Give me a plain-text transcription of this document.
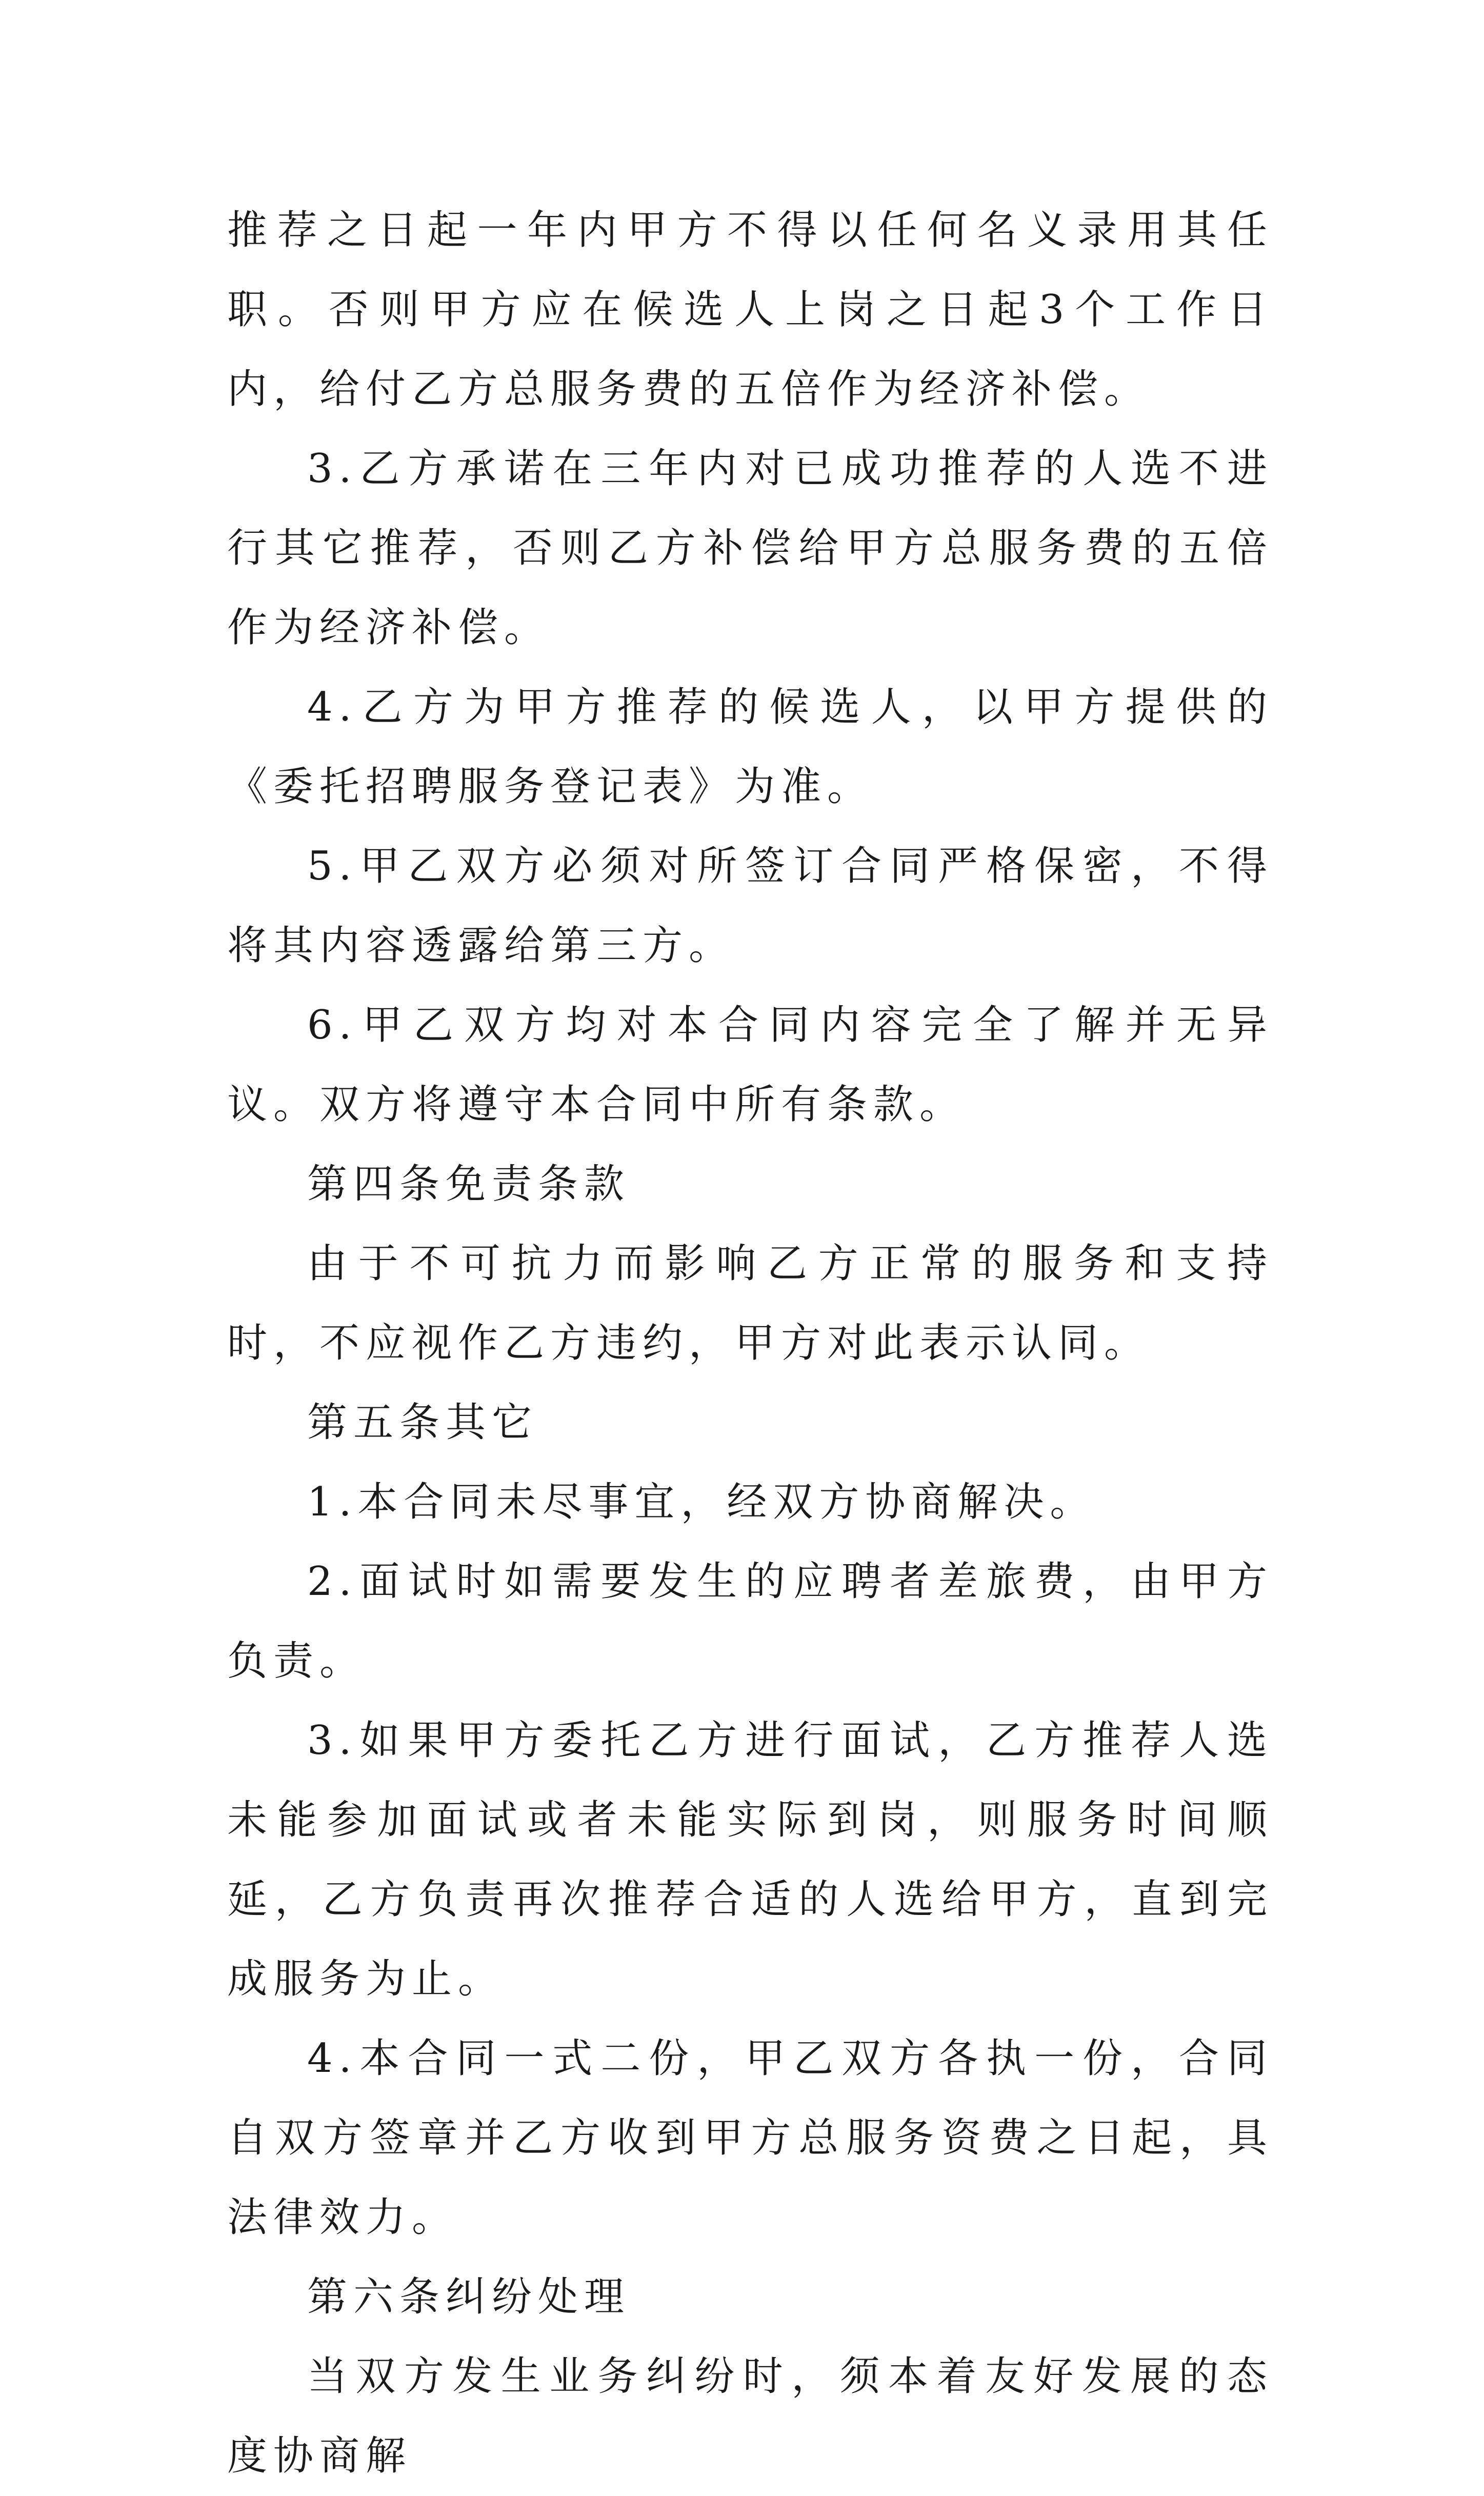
推荐之日起一年内甲方不得以任何名义录用其任职。否则甲方应在候选人上岗之日起3个工作日内，给付乙方总服务费的五倍作为经济补偿。

3.乙方承诺在三年内对已成功推荐的人选不进行其它推荐，否则乙方补偿给甲方总服务费的五倍作为经济补偿。

4.乙方为甲方推荐的候选人，以甲方提供的《委托招聘服务登记表》为准。

5.甲乙双方必须对所签订合同严格保密，不得将其内容透露给第三方。

6.甲乙双方均对本合同内容完全了解并无异议。双方将遵守本合同中所有条款。

第四条免责条款

由于不可抗力而影响乙方正常的服务和支持时，不应视作乙方违约，甲方对此表示认同。

第五条其它

1.本合同未尽事宜，经双方协商解决。

2.面试时如需要发生的应聘者差旅费，由甲方负责。

3.如果甲方委托乙方进行面试，乙方推荐人选未能参加面试或者未能实际到岗，则服务时间顺延，乙方负责再次推荐合适的人选给甲方，直到完成服务为止。

4.本合同一式二份，甲乙双方各执一份，合同自双方签章并乙方收到甲方总服务资费之日起，具法律效力。

第六条纠纷处理

当双方发生业务纠纷时，须本着友好发展的态度协商解
